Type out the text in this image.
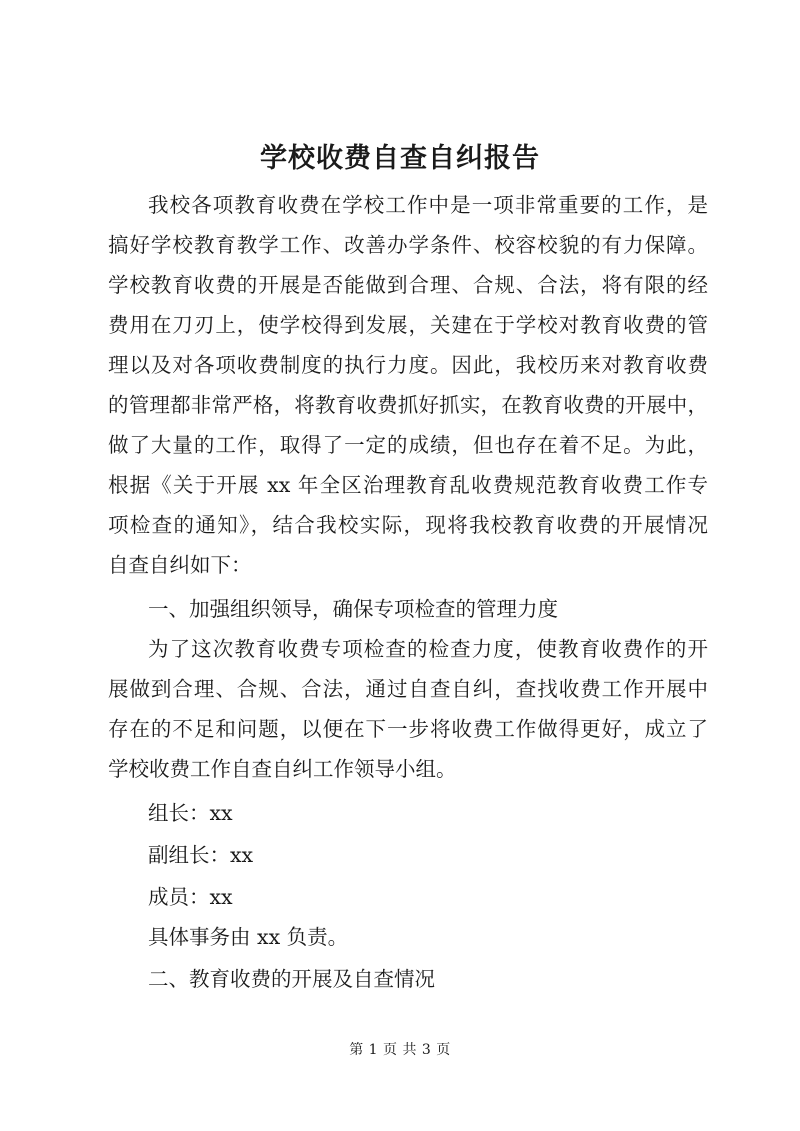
学校收费自查自纠报告

我校各项教育收费在学校工作中是一项非常重要的工作，是

搞好学校教育教学工作、改善办学条件、校容校貌的有力保障。

学校教育收费的开展是否能做到合理、合规、合法，将有限的经

费用在刀刃上，使学校得到发展，关建在于学校对教育收费的管

理以及对各项收费制度的执行力度。因此，我校历来对教育收费

的管理都非常严格，将教育收费抓好抓实，在教育收费的开展中，

做了大量的工作，取得了一定的成绩，但也存在着不足。为此，

根据《关于开展 xx 年全区治理教育乱收费规范教育收费工作专

项检查的通知》，结合我校实际，现将我校教育收费的开展情况

自查自纠如下：

一、加强组织领导，确保专项检查的管理力度

为了这次教育收费专项检查的检查力度，使教育收费作的开

展做到合理、合规、合法，通过自查自纠，查找收费工作开展中

存在的不足和问题，以便在下一步将收费工作做得更好，成立了

学校收费工作自查自纠工作领导小组。

组长：xx

副组长：xx

成员：xx

具体事务由 xx 负责。

二、教育收费的开展及自查情况

第 1 页 共 3 页
